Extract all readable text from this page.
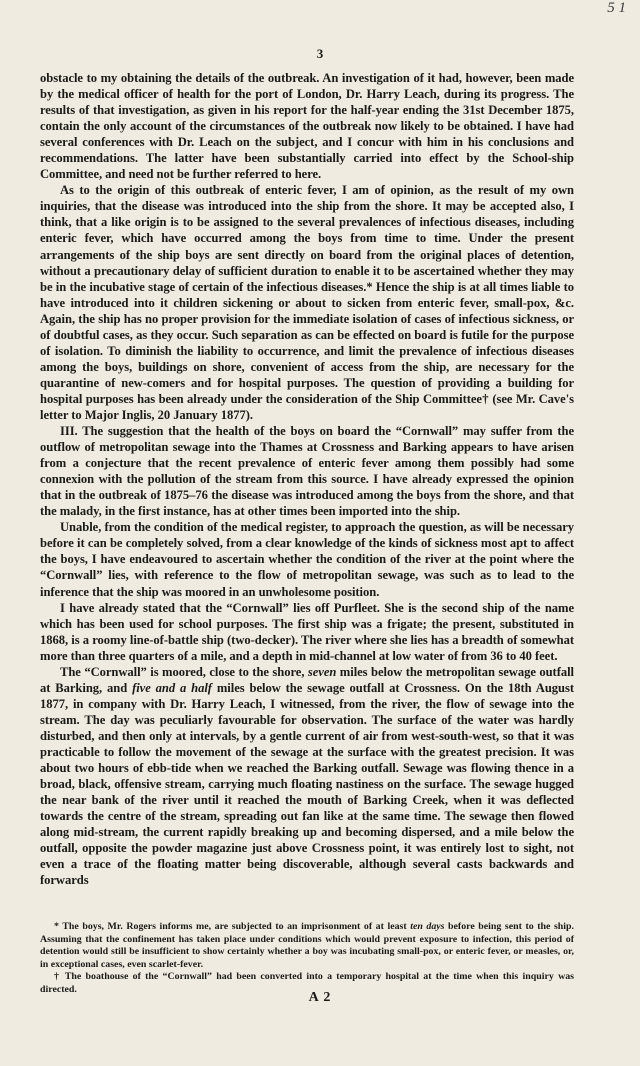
5 1
3

obstacle to my obtaining the details of the outbreak. An investigation of it had, however, been made by the medical officer of health for the port of London, Dr. Harry Leach, during its progress. The results of that investigation, as given in his report for the half-year ending the 31st December 1875, contain the only account of the circumstances of the outbreak now likely to be obtained. I have had several conferences with Dr. Leach on the subject, and I concur with him in his conclusions and recommendations. The latter have been substantially carried into effect by the School-ship Committee, and need not be further referred to here.

As to the origin of this outbreak of enteric fever, I am of opinion, as the result of my own inquiries, that the disease was introduced into the ship from the shore. It may be accepted also, I think, that a like origin is to be assigned to the several prevalences of infectious diseases, including enteric fever, which have occurred among the boys from time to time. Under the present arrangements of the ship boys are sent directly on board from the original places of detention, without a precautionary delay of sufficient duration to enable it to be ascertained whether they may be in the incubative stage of certain of the infectious diseases.* Hence the ship is at all times liable to have introduced into it children sickening or about to sicken from enteric fever, small-pox, &c. Again, the ship has no proper provision for the immediate isolation of cases of infectious sickness, or of doubtful cases, as they occur. Such separation as can be effected on board is futile for the purpose of isolation. To diminish the liability to occurrence, and limit the prevalence of infectious diseases among the boys, buildings on shore, convenient of access from the ship, are necessary for the quarantine of new-comers and for hospital purposes. The question of providing a building for hospital purposes has been already under the consideration of the Ship Committee† (see Mr. Cave's letter to Major Inglis, 20 January 1877).

III. The suggestion that the health of the boys on board the “Cornwall” may suffer from the outflow of metropolitan sewage into the Thames at Crossness and Barking appears to have arisen from a conjecture that the recent prevalence of enteric fever among them possibly had some connexion with the pollution of the stream from this source. I have already expressed the opinion that in the outbreak of 1875–76 the disease was introduced among the boys from the shore, and that the malady, in the first instance, has at other times been imported into the ship.

Unable, from the condition of the medical register, to approach the question, as will be necessary before it can be completely solved, from a clear knowledge of the kinds of sickness most apt to affect the boys, I have endeavoured to ascertain whether the condition of the river at the point where the “Cornwall” lies, with reference to the flow of metropolitan sewage, was such as to lead to the inference that the ship was moored in an unwholesome position.

I have already stated that the “Cornwall” lies off Purfleet. She is the second ship of the name which has been used for school purposes. The first ship was a frigate; the present, substituted in 1868, is a roomy line-of-battle ship (two-decker). The river where she lies has a breadth of somewhat more than three quarters of a mile, and a depth in mid-channel at low water of from 36 to 40 feet.

The “Cornwall” is moored, close to the shore, seven miles below the metropolitan sewage outfall at Barking, and five and a half miles below the sewage outfall at Crossness. On the 18th August 1877, in company with Dr. Harry Leach, I witnessed, from the river, the flow of sewage into the stream. The day was peculiarly favourable for observation. The surface of the water was hardly disturbed, and then only at intervals, by a gentle current of air from west-south-west, so that it was practicable to follow the movement of the sewage at the surface with the greatest precision. It was about two hours of ebb-tide when we reached the Barking outfall. Sewage was flowing thence in a broad, black, offensive stream, carrying much floating nastiness on the surface. The sewage hugged the near bank of the river until it reached the mouth of Barking Creek, when it was deflected towards the centre of the stream, spreading out fan like at the same time. The sewage then flowed along mid-stream, the current rapidly breaking up and becoming dispersed, and a mile below the outfall, opposite the powder magazine just above Crossness point, it was entirely lost to sight, not even a trace of the floating matter being discoverable, although several casts backwards and forwards

* The boys, Mr. Rogers informs me, are subjected to an imprisonment of at least ten days before being sent to the ship. Assuming that the confinement has taken place under conditions which would prevent exposure to infection, this period of detention would still be insufficient to show certainly whether a boy was incubating small-pox, or enteric fever, or measles, or, in exceptional cases, even scarlet-fever.

† The boathouse of the “Cornwall” had been converted into a temporary hospital at the time when this inquiry was directed.

A 2
